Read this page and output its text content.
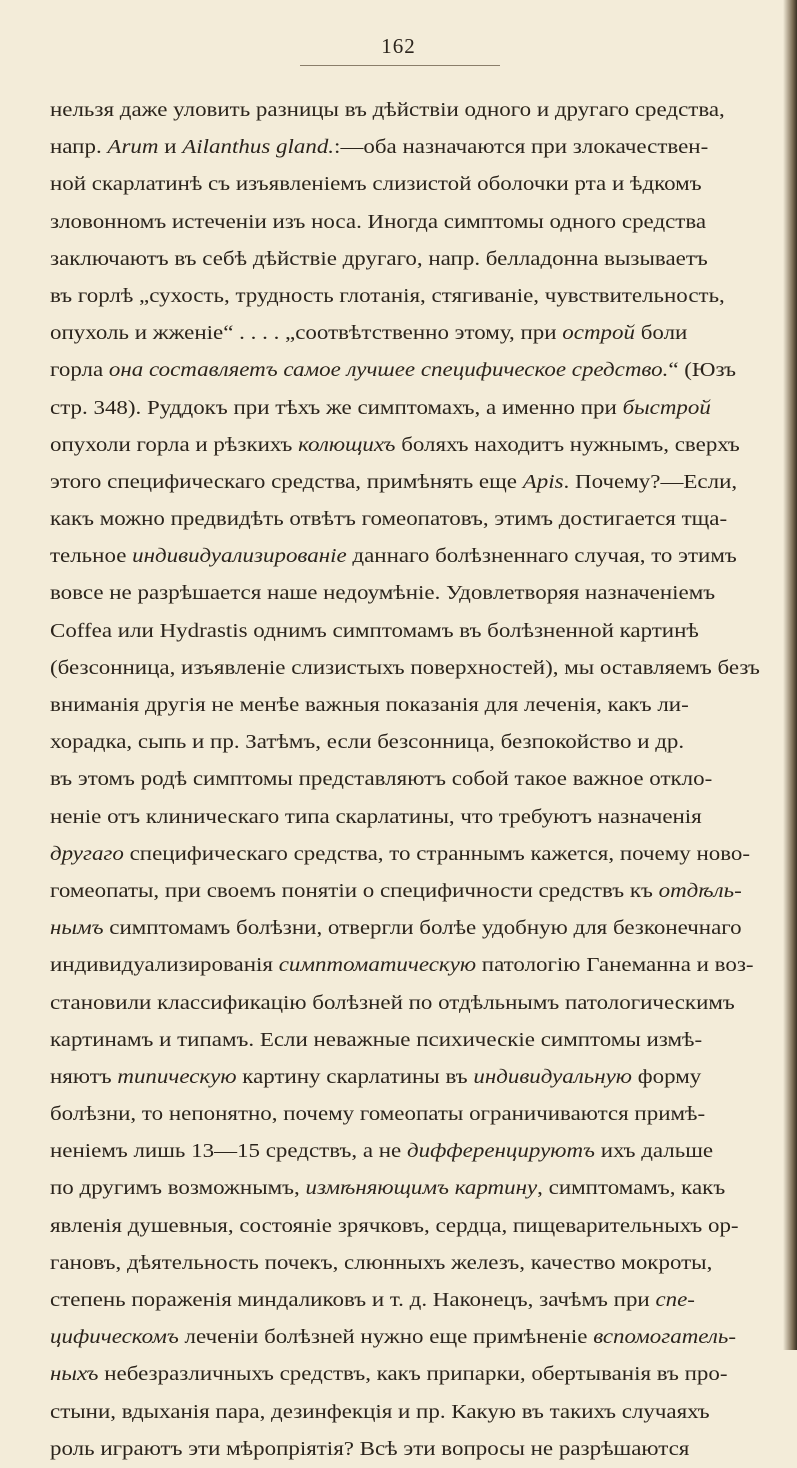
162
нельзя даже уловить разницы въ дѣйствіи одного и другаго средства,
напр. Arum и Ailanthus gland.:—оба назначаются при злокачествен-
ной скарлатинѣ съ изъявленіемъ слизистой оболочки рта и ѣдкомъ
зловонномъ истеченіи изъ носа. Иногда симптомы одного средства
заключаютъ въ себѣ дѣйствіе другаго, напр. белладонна вызываетъ
въ горлѣ „сухость, трудность глотанія, стягиваніе, чувствительность,
опухоль и жженіе“ . . . . „соотвѣтственно этому, при острой боли
горла она составляетъ самое лучшее специфическое средство.“ (Юзъ
стр. 348). Руддокъ при тѣхъ же симптомахъ, а именно при быстрой
опухоли горла и рѣзкихъ колющихъ боляхъ находитъ нужнымъ, сверхъ
этого специфическаго средства, примѣнять еще Apis. Почему?—Если,
какъ можно предвидѣть отвѣтъ гомеопатовъ, этимъ достигается тща-
тельное индивидуализированіе даннаго болѣзненнаго случая, то этимъ
вовсе не разрѣшается наше недоумѣніе. Удовлетворяя назначеніемъ
Coffea или Hydrastis однимъ симптомамъ въ болѣзненной картинѣ
(безсонница, изъявленіе слизистыхъ поверхностей), мы оставляемъ безъ
вниманія другія не менѣе важныя показанія для леченія, какъ ли-
хорадка, сыпь и пр. Затѣмъ, если безсонница, безпокойство и др.
въ этомъ родѣ симптомы представляютъ собой такое важное откло-
неніе отъ клиническаго типа скарлатины, что требуютъ назначенія
другаго специфическаго средства, то страннымъ кажется, почему ново-
гомеопаты, при своемъ понятіи о специфичности средствъ къ отдѣль-
нымъ симптомамъ болѣзни, отвергли болѣе удобную для безконечнаго
индивидуализированія симптоматическую патологію Ганеманна и воз-
становили классификацію болѣзней по отдѣльнымъ патологическимъ
картинамъ и типамъ. Если неважные психическіе симптомы измѣ-
няютъ типическую картину скарлатины въ индивидуальную форму
болѣзни, то непонятно, почему гомеопаты ограничиваются примѣ-
неніемъ лишь 13—15 средствъ, а не дифференцируютъ ихъ дальше
по другимъ возможнымъ, измѣняющимъ картину, симптомамъ, какъ
явленія душевныя, состояніе зрячковъ, сердца, пищеварительныхъ ор-
гановъ, дѣятельность почекъ, слюнныхъ железъ, качество мокроты,
степень пораженія миндаликовъ и т. д. Наконецъ, зачѣмъ при спе-
цифическомъ леченіи болѣзней нужно еще примѣненіе вспомогатель-
ныхъ небезразличныхъ средствъ, какъ припарки, обертыванія въ про-
стыни, вдыханія пара, дезинфекція и пр. Какую въ такихъ случаяхъ
роль играютъ эти мѣропріятія? Всѣ эти вопросы не разрѣшаются
